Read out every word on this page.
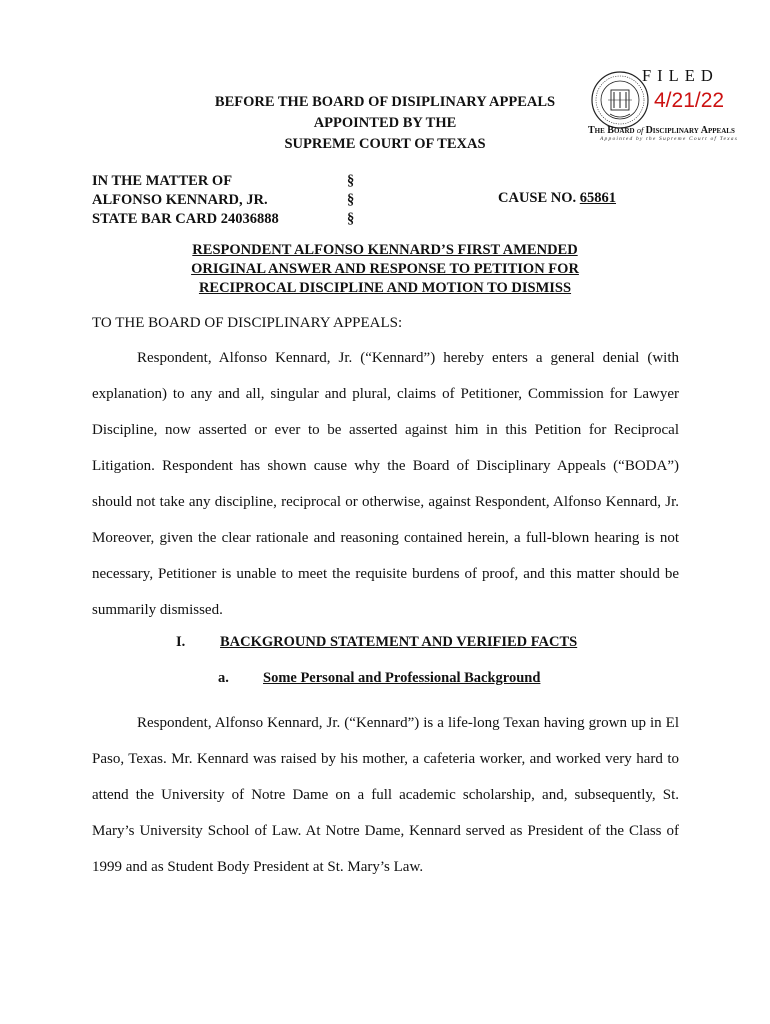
BEFORE THE BOARD OF DISIPLINARY APPEALS
APPOINTED BY THE
SUPREME COURT OF TEXAS
FILED
4/21/22
The Board of Disciplinary Appeals
Appointed by the Supreme Court of Texas
IN THE MATTER OF
ALFONSO KENNARD, JR.
STATE BAR CARD 24036888
§
§
§
CAUSE NO. 65861
RESPONDENT ALFONSO KENNARD’S FIRST AMENDED
ORIGINAL ANSWER AND RESPONSE TO PETITION FOR
RECIPROCAL DISCIPLINE AND MOTION TO DISMISS
TO THE BOARD OF DISCIPLINARY APPEALS:
Respondent, Alfonso Kennard, Jr. (“Kennard”) hereby enters a general denial (with explanation) to any and all, singular and plural, claims of Petitioner, Commission for Lawyer Discipline, now asserted or ever to be asserted against him in this Petition for Reciprocal Litigation. Respondent has shown cause why the Board of Disciplinary Appeals (“BODA”) should not take any discipline, reciprocal or otherwise, against Respondent, Alfonso Kennard, Jr. Moreover, given the clear rationale and reasoning contained herein, a full-blown hearing is not necessary, Petitioner is unable to meet the requisite burdens of proof, and this matter should be summarily dismissed.
I. BACKGROUND STATEMENT AND VERIFIED FACTS
a. Some Personal and Professional Background
Respondent, Alfonso Kennard, Jr. (“Kennard”) is a life-long Texan having grown up in El Paso, Texas. Mr. Kennard was raised by his mother, a cafeteria worker, and worked very hard to attend the University of Notre Dame on a full academic scholarship, and, subsequently, St. Mary’s University School of Law. At Notre Dame, Kennard served as President of the Class of 1999 and as Student Body President at St. Mary’s Law.
